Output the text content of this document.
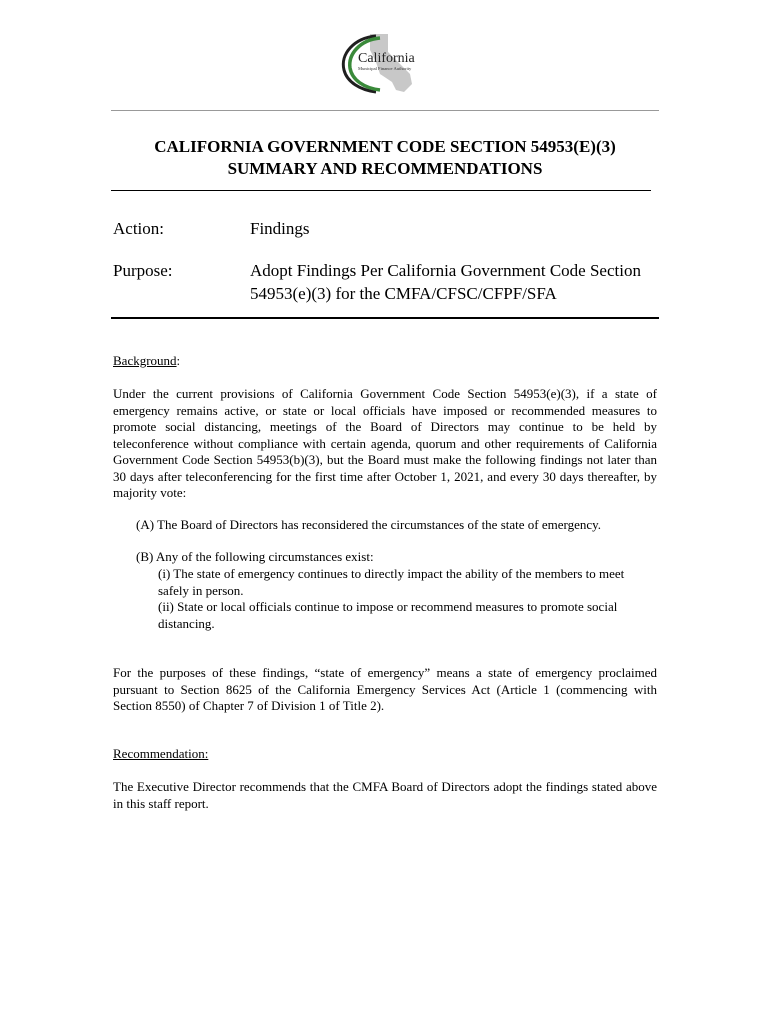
California
Municipal Finance Authority
CALIFORNIA GOVERNMENT CODE SECTION 54953(E)(3)
SUMMARY AND RECOMMENDATIONS
Action:	Findings
Purpose:	Adopt Findings Per California Government Code Section
54953(e)(3) for the CMFA/CFSC/CFPF/SFA
Background:
Under the current provisions of California Government Code Section 54953(e)(3), if a state of emergency remains active, or state or local officials have imposed or recommended measures to promote social distancing, meetings of the Board of Directors may continue to be held by teleconference without compliance with certain agenda, quorum and other requirements of California Government Code Section 54953(b)(3), but the Board must make the following findings not later than 30 days after teleconferencing for the first time after October 1, 2021, and every 30 days thereafter, by majority vote:
(A) The Board of Directors has reconsidered the circumstances of the state of emergency.
(B) Any of the following circumstances exist:
(i) The state of emergency continues to directly impact the ability of the members to meet safely in person.
(ii) State or local officials continue to impose or recommend measures to promote social distancing.
For the purposes of these findings, “state of emergency” means a state of emergency proclaimed pursuant to Section 8625 of the California Emergency Services Act (Article 1 (commencing with Section 8550) of Chapter 7 of Division 1 of Title 2).
Recommendation:
The Executive Director recommends that the CMFA Board of Directors adopt the findings stated above in this staff report.
